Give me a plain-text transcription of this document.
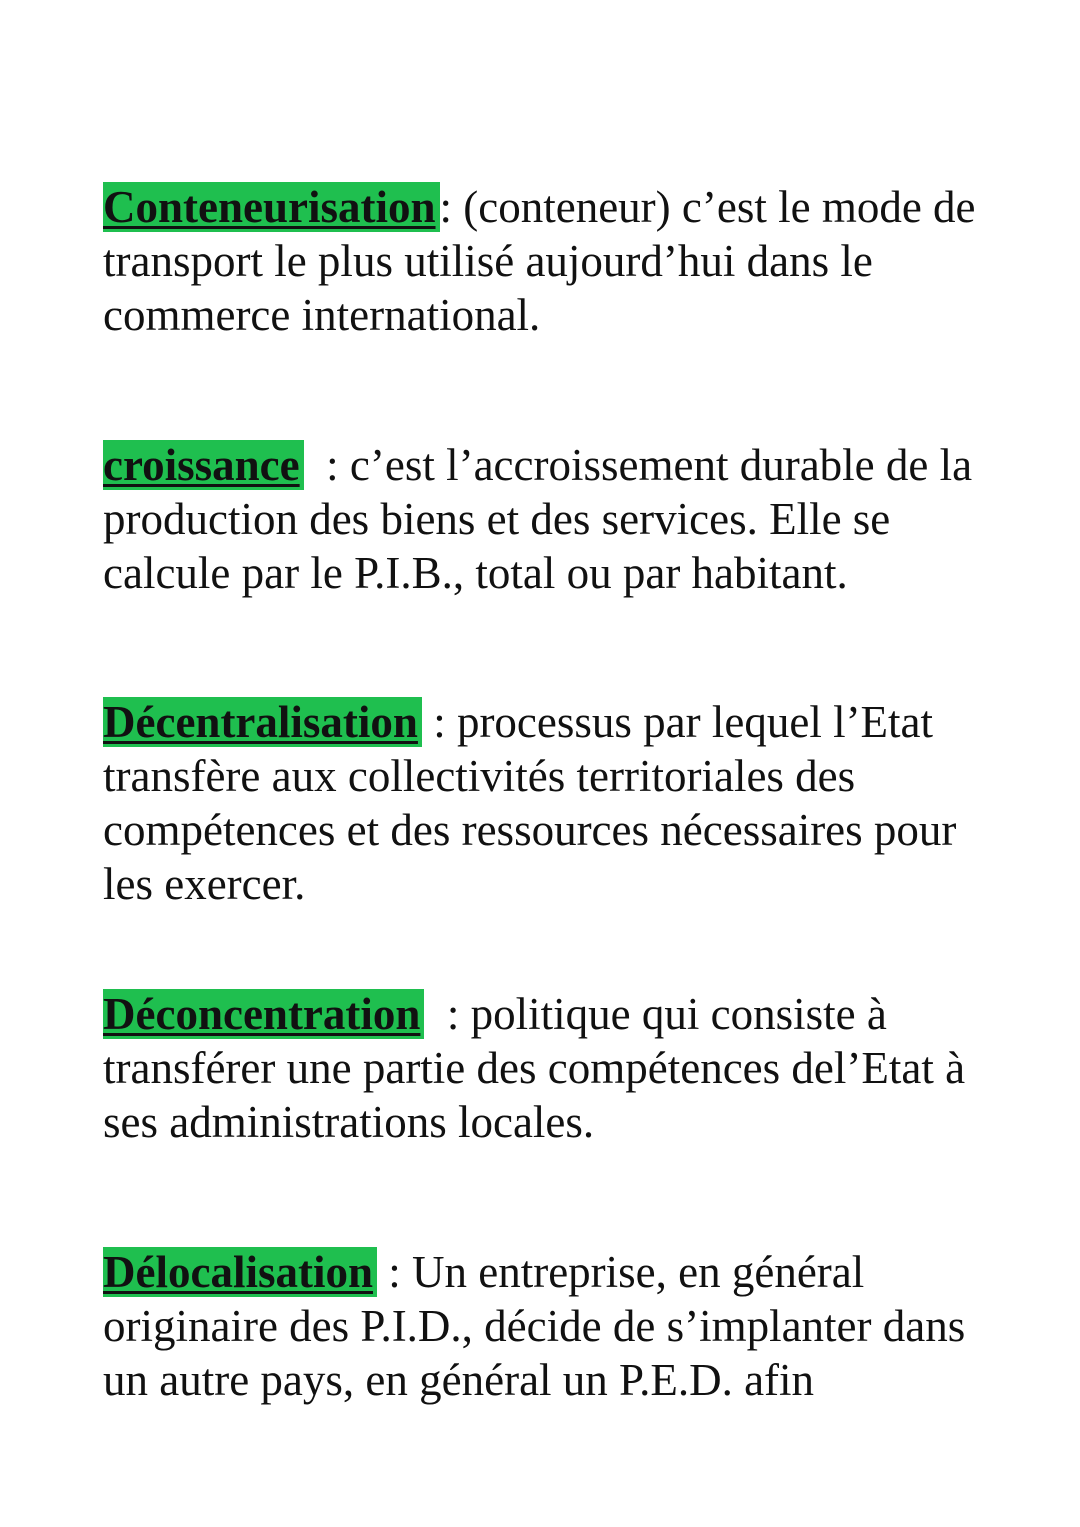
Conteneurisation: (conteneur) c’est le mode de transport le plus utilisé aujourd’hui dans le commerce international.

croissance  : c’est l’accroissement durable de la production des biens et des services. Elle se calcule par le P.I.B., total ou par habitant.

Décentralisation : processus par lequel l’Etat transfère aux collectivités territoriales des compétences et des ressources nécessaires pour les exercer.

Déconcentration  : politique qui consiste à transférer une partie des compétences del’Etat à ses administrations locales.

Délocalisation : Un entreprise, en général originaire des P.I.D., décide de s’implanter dans un autre pays, en général un P.E.D. afin
